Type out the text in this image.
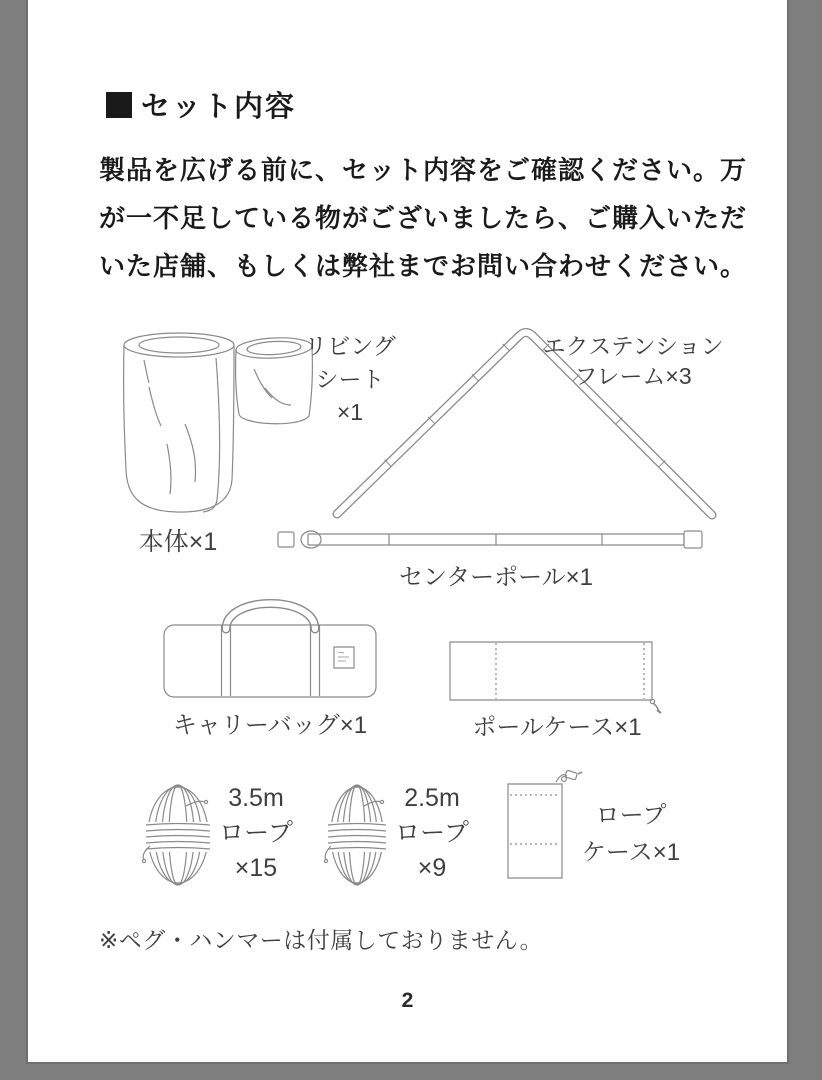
セット内容
製品を広げる前に、セット内容をご確認ください。万
が一不足している物がございましたら、ご購入いただ
いた店舗、もしくは弊社までお問い合わせください。
本体×1
リビング
シート
×1
エクステンション
フレーム×3
センターポール×1
キャリーバッグ×1	ポールケース×1
3.5m
ロープ
×15
2.5m
ロープ
×9
ロープ
ケース×1
※ペグ・ハンマーは付属しておりません。
2
